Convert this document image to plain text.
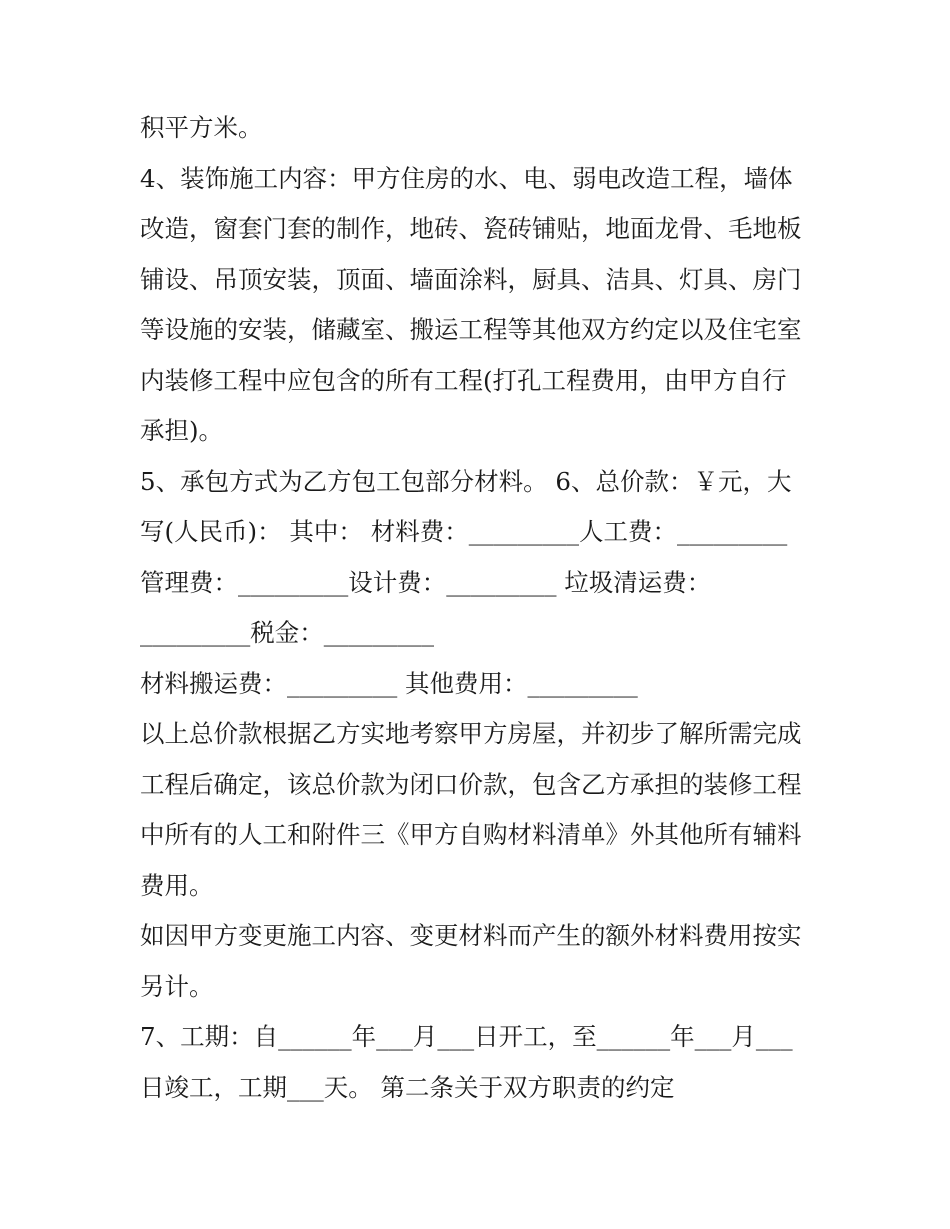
积平方米。
4、装饰施工内容：甲方住房的水、电、弱电改造工程，墙体
改造，窗套门套的制作，地砖、瓷砖铺贴，地面龙骨、毛地板
铺设、吊顶安装，顶面、墙面涂料，厨具、洁具、灯具、房门
等设施的安装，储藏室、搬运工程等其他双方约定以及住宅室
内装修工程中应包含的所有工程(打孔工程费用，由甲方自行
承担)。
5、承包方式为乙方包工包部分材料。 6、总价款：￥元，大
写(人民币)： 其中： 材料费：_________人工费：_________
管理费：_________设计费：_________ 垃圾清运费：
_________税金：_________
材料搬运费：_________ 其他费用：_________
以上总价款根据乙方实地考察甲方房屋，并初步了解所需完成
工程后确定，该总价款为闭口价款，包含乙方承担的装修工程
中所有的人工和附件三《甲方自购材料清单》外其他所有辅料
费用。
如因甲方变更施工内容、变更材料而产生的额外材料费用按实
另计。
7、工期：自______年___月___日开工，至______年___月___
日竣工，工期___天。 第二条关于双方职责的约定
